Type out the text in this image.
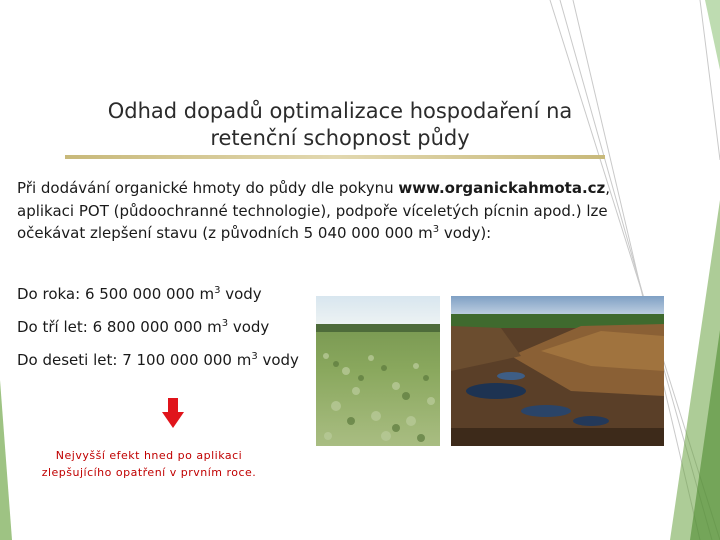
Odhad dopadů optimalizace hospodaření na
retenční schopnost půdy
Při dodávání organické hmoty do půdy dle pokynu www.organickahmota.cz, aplikaci POT (půdoochranné technologie), podpoře víceletých pícnin apod.) lze očekávat zlepšení stavu (z původních 5 040 000 000 $m^3$ vody):
Do roka: 6 500 000 000 $m^3$ vody
Do tří let: 6 800 000 000 $m^3$ vody
Do deseti let: 7 100 000 000 $m^3$ vody
Nejvyšší efekt hned po aplikaci zlepšujícího opatření v prvním roce.
